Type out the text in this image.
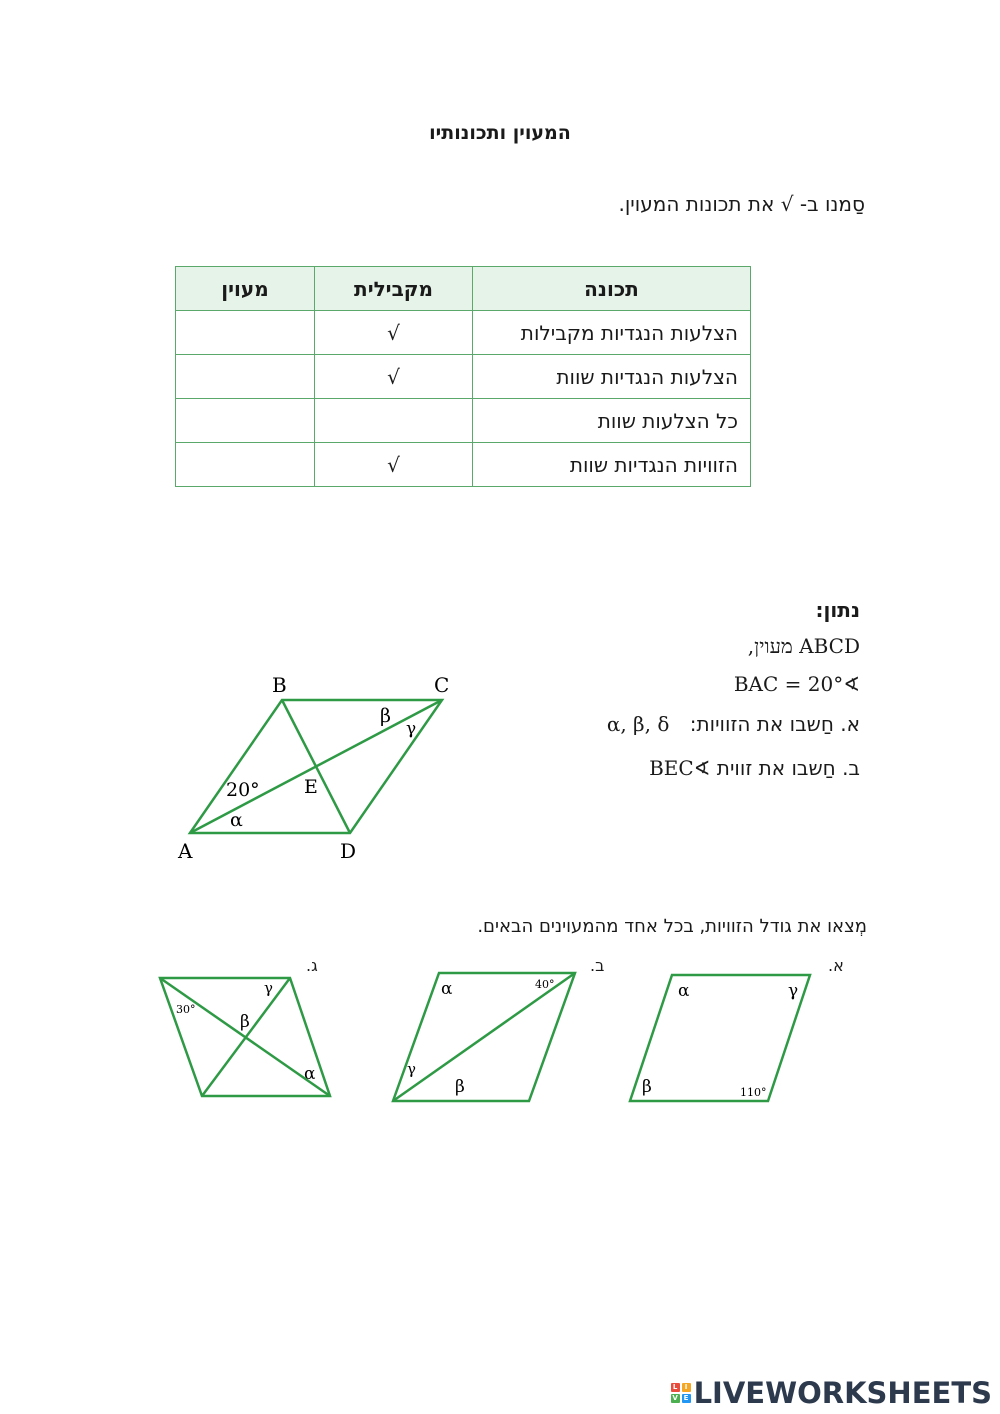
המעוין ותכונותיו
סַמנו ב- √ את תכונות המעוין.
תכונה	מקבילית	מעוין
הצלעות הנגדיות מקבילות	√	
הצלעות הנגדיות שוות	√	
כל הצלעות שוות		
הזוויות הנגדיות שוות	√	
נתון:
ABCD מעוין,
∢BAC = 20°
א. חַשבו את הזוויות: α, β, δ
ב. חַשבו את זווית ∢BEC
B	C
A	D
E
20°
α
β
γ
מְצאו את גודל הזוויות, בכל אחד מהמעוינים הבאים.
א.
α	γ
β	110°
ב.
α	40°
γ
β
ג.
30°
γ
β
α
L	I
V E LIVEWORKSHEETS
